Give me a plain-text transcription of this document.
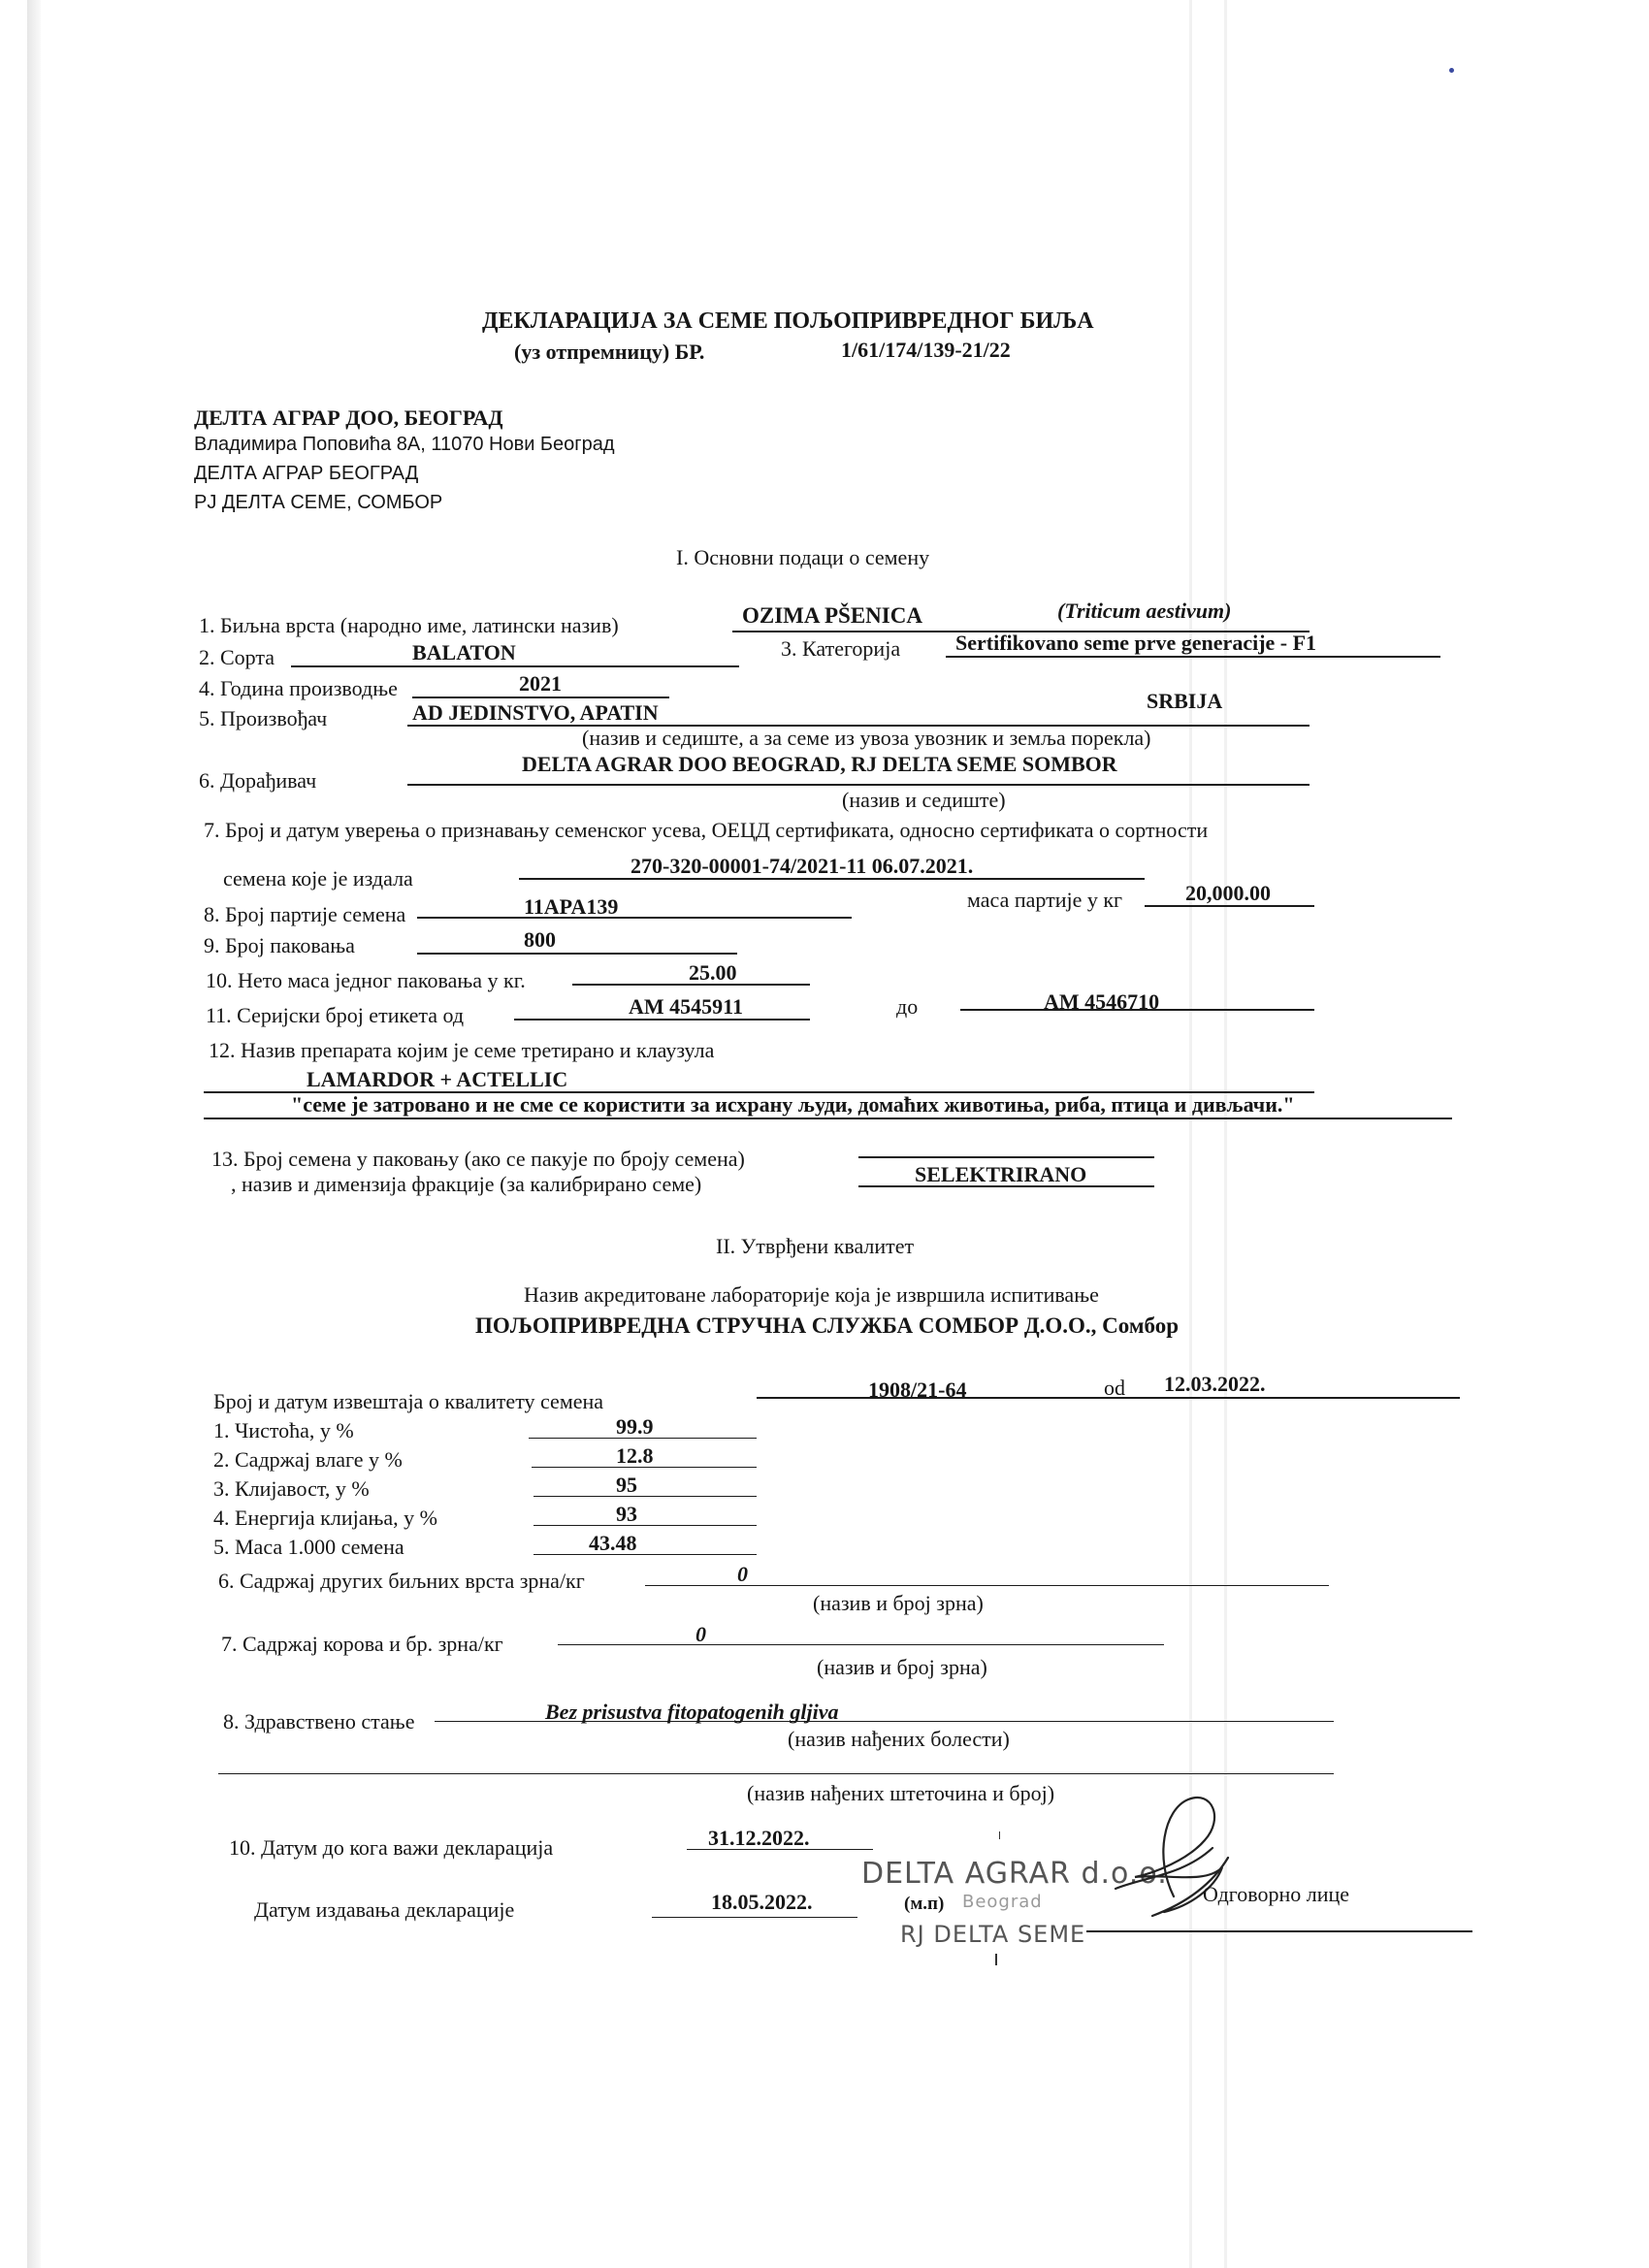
ДЕКЛАРАЦИЈА ЗА СЕМЕ ПОЉОПРИВРЕДНОГ БИЉА
(уз отпремницу) БР.	1/61/174/139-21/22
ДЕЛТА АГРАР ДОО, БЕОГРАД
Владимира Поповића 8А, 11070 Нови Београд
ДЕЛТА АГРАР БЕОГРАД
РЈ ДЕЛТА СЕМЕ, СОМБОР
I. Основни подаци о семену
1. Биљна врста (народно име, латински назив)	OZIMA PŠENICA	(Triticum aestivum)
2. Сорта	BALATON	3. Категорија	Sertifikovano seme prve generacije - F1
4. Година производње	2021
5. Произвођач	AD JEDINSTVO, APATIN	SRBIJA
(назив и седиште, а за семе из увоза увозник и земља порекла)
6. Дорађивач
DELTA AGRAR DOO BEOGRAD, RJ DELTA SEME SOMBOR
(назив и седиште)
7. Број и датум уверења о признавању семенског усева, ОЕЦД сертификата, односно сертификата о сортности
семена које је издала
270-320-00001-74/2021-11 06.07.2021.
8. Број партије семена	11APA139	маса партије у кг	20,000.00
9. Број паковања	800
10. Нето маса једног паковања у кг.	25.00
11. Серијски број етикета од	AM 4545911	до	AM 4546710
12. Назив препарата којим је семе третирано и клаузула
LAMARDOR + ACTELLIC
"семе је затровано и не сме се користити за исхрану људи, домаћих животиња, риба, птица и дивљачи."
13. Број семена у паковању (ако се пакује по броју семена)
, назив и димензија фракције (за калибрирано семе)	SELEKTRIRANO
II. Утврђени квалитет
Назив акредитоване лабораторије која је извршила испитивање
ПОЉОПРИВРЕДНА СТРУЧНА СЛУЖБА СОМБОР Д.О.О., Сомбор
Број и датум извештаја о квалитету семена	1908/21-64	od 12.03.2022.
1. Чистоћа, у %	99.9
2. Садржај влаге у %	12.8
3. Клијавост, у %	95
4. Енергија клијања, у %	93
5. Маса 1.000 семена	43.48
6. Садржај других биљних врста зрна/кг	0
(назив и број зрна)
7. Садржај корова и бр. зрна/кг	0
(назив и број зрна)
8. Здравствено стање	Bez prisustva fitopatogenih gljiva
(назив нађених болести)
(назив нађених штеточина и број)
10. Датум до кога важи декларација	31.12.2022.
Датум издавања декларације	18.05.2022.
DELTA AGRAR d.o.o.
(м.п) Beograd
RJ DELTA SEME
Одговорно лице
